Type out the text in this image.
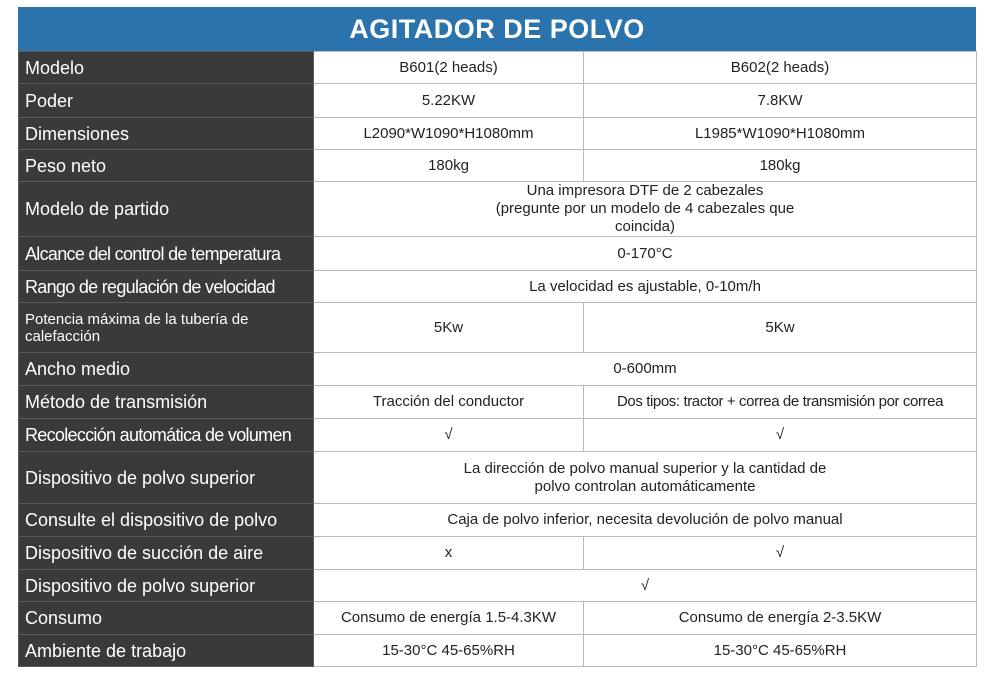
AGITADOR DE POLVO
Modelo	B601(2 heads)	B602(2 heads)
Poder	5.22KW	7.8KW
Dimensiones	L2090*W1090*H1080mm	L1985*W1090*H1080mm
Peso neto	180kg	180kg
Modelo de partido	Una impresora DTF de 2 cabezales (pregunte por un modelo de 4 cabezales que coincida)	
Alcance del control de temperatura	0-170°C	
Rango de regulación de velocidad	La velocidad es ajustable, 0-10m/h	
Potencia máxima de la tubería de calefacción	5Kw	5Kw
Ancho medio	0-600mm	
Método de transmisión	Tracción del conductor	Dos tipos: tractor + correa de transmisión por correa
Recolección automática de volumen	√	√
Dispositivo de polvo superior	La dirección de polvo manual superior y la cantidad de polvo controlan automáticamente	
Consulte el dispositivo de polvo	Caja de polvo inferior, necesita devolución de polvo manual	
Dispositivo de succión de aire	x	√
Dispositivo de polvo superior	√	
Consumo	Consumo de energía 1.5-4.3KW	Consumo de energía 2-3.5KW
Ambiente de trabajo	15-30°C 45-65%RH	15-30°C 45-65%RH
